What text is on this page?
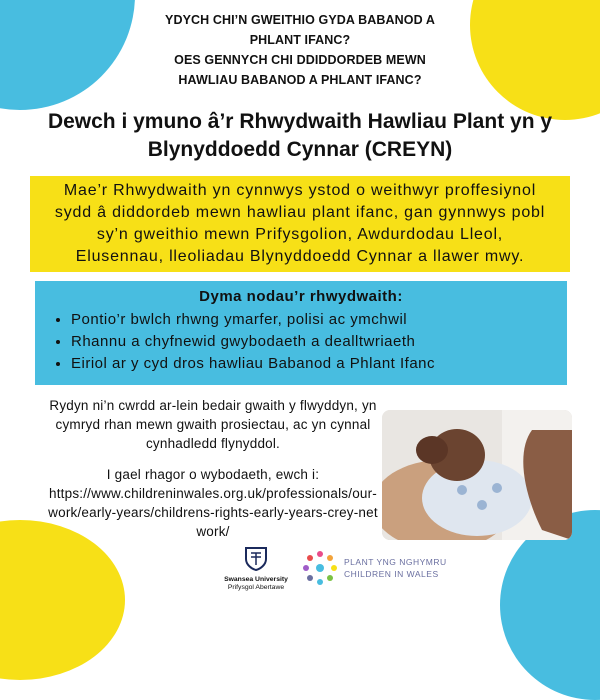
YDYCH CHI’N GWEITHIO GYDA BABANOD A
PHLANT IFANC?
OES GENNYCH CHI DDIDDORDEB MEWN
HAWLIAU BABANOD A PHLANT IFANC?
Dewch i ymuno â’r Rhwydwaith Hawliau Plant yn y
Blynyddoedd Cynnar (CREYN)
Mae’r Rhwydwaith yn cynnwys ystod o weithwyr proffesiynol
sydd â diddordeb mewn hawliau plant ifanc, gan gynnwys pobl
sy’n gweithio mewn Prifysgolion, Awdurdodau Lleol,
Elusennau, lleoliadau Blynyddoedd Cynnar a llawer mwy.
Dyma nodau’r rhwydwaith:
• Pontio’r bwlch rhwng ymarfer, polisi ac ymchwil
• Rhannu a chyfnewid gwybodaeth a dealltwriaeth
• Eiriol ar y cyd dros hawliau Babanod a Phlant Ifanc

Rydyn ni’n cwrdd ar-lein bedair gwaith y flwyddyn, yn cymryd rhan mewn gwaith prosiectau, ac yn cynnal cynhadledd flynyddol.

I gael rhagor o wybodaeth, ewch i:

https://www.childreninwales.org.uk/professionals/our-work/early-years/childrens-rights-early-years-crey-network/
Swansea University
Prifysgol Abertawe
PLANT YNG NGHYMRU
CHILDREN IN WALES
